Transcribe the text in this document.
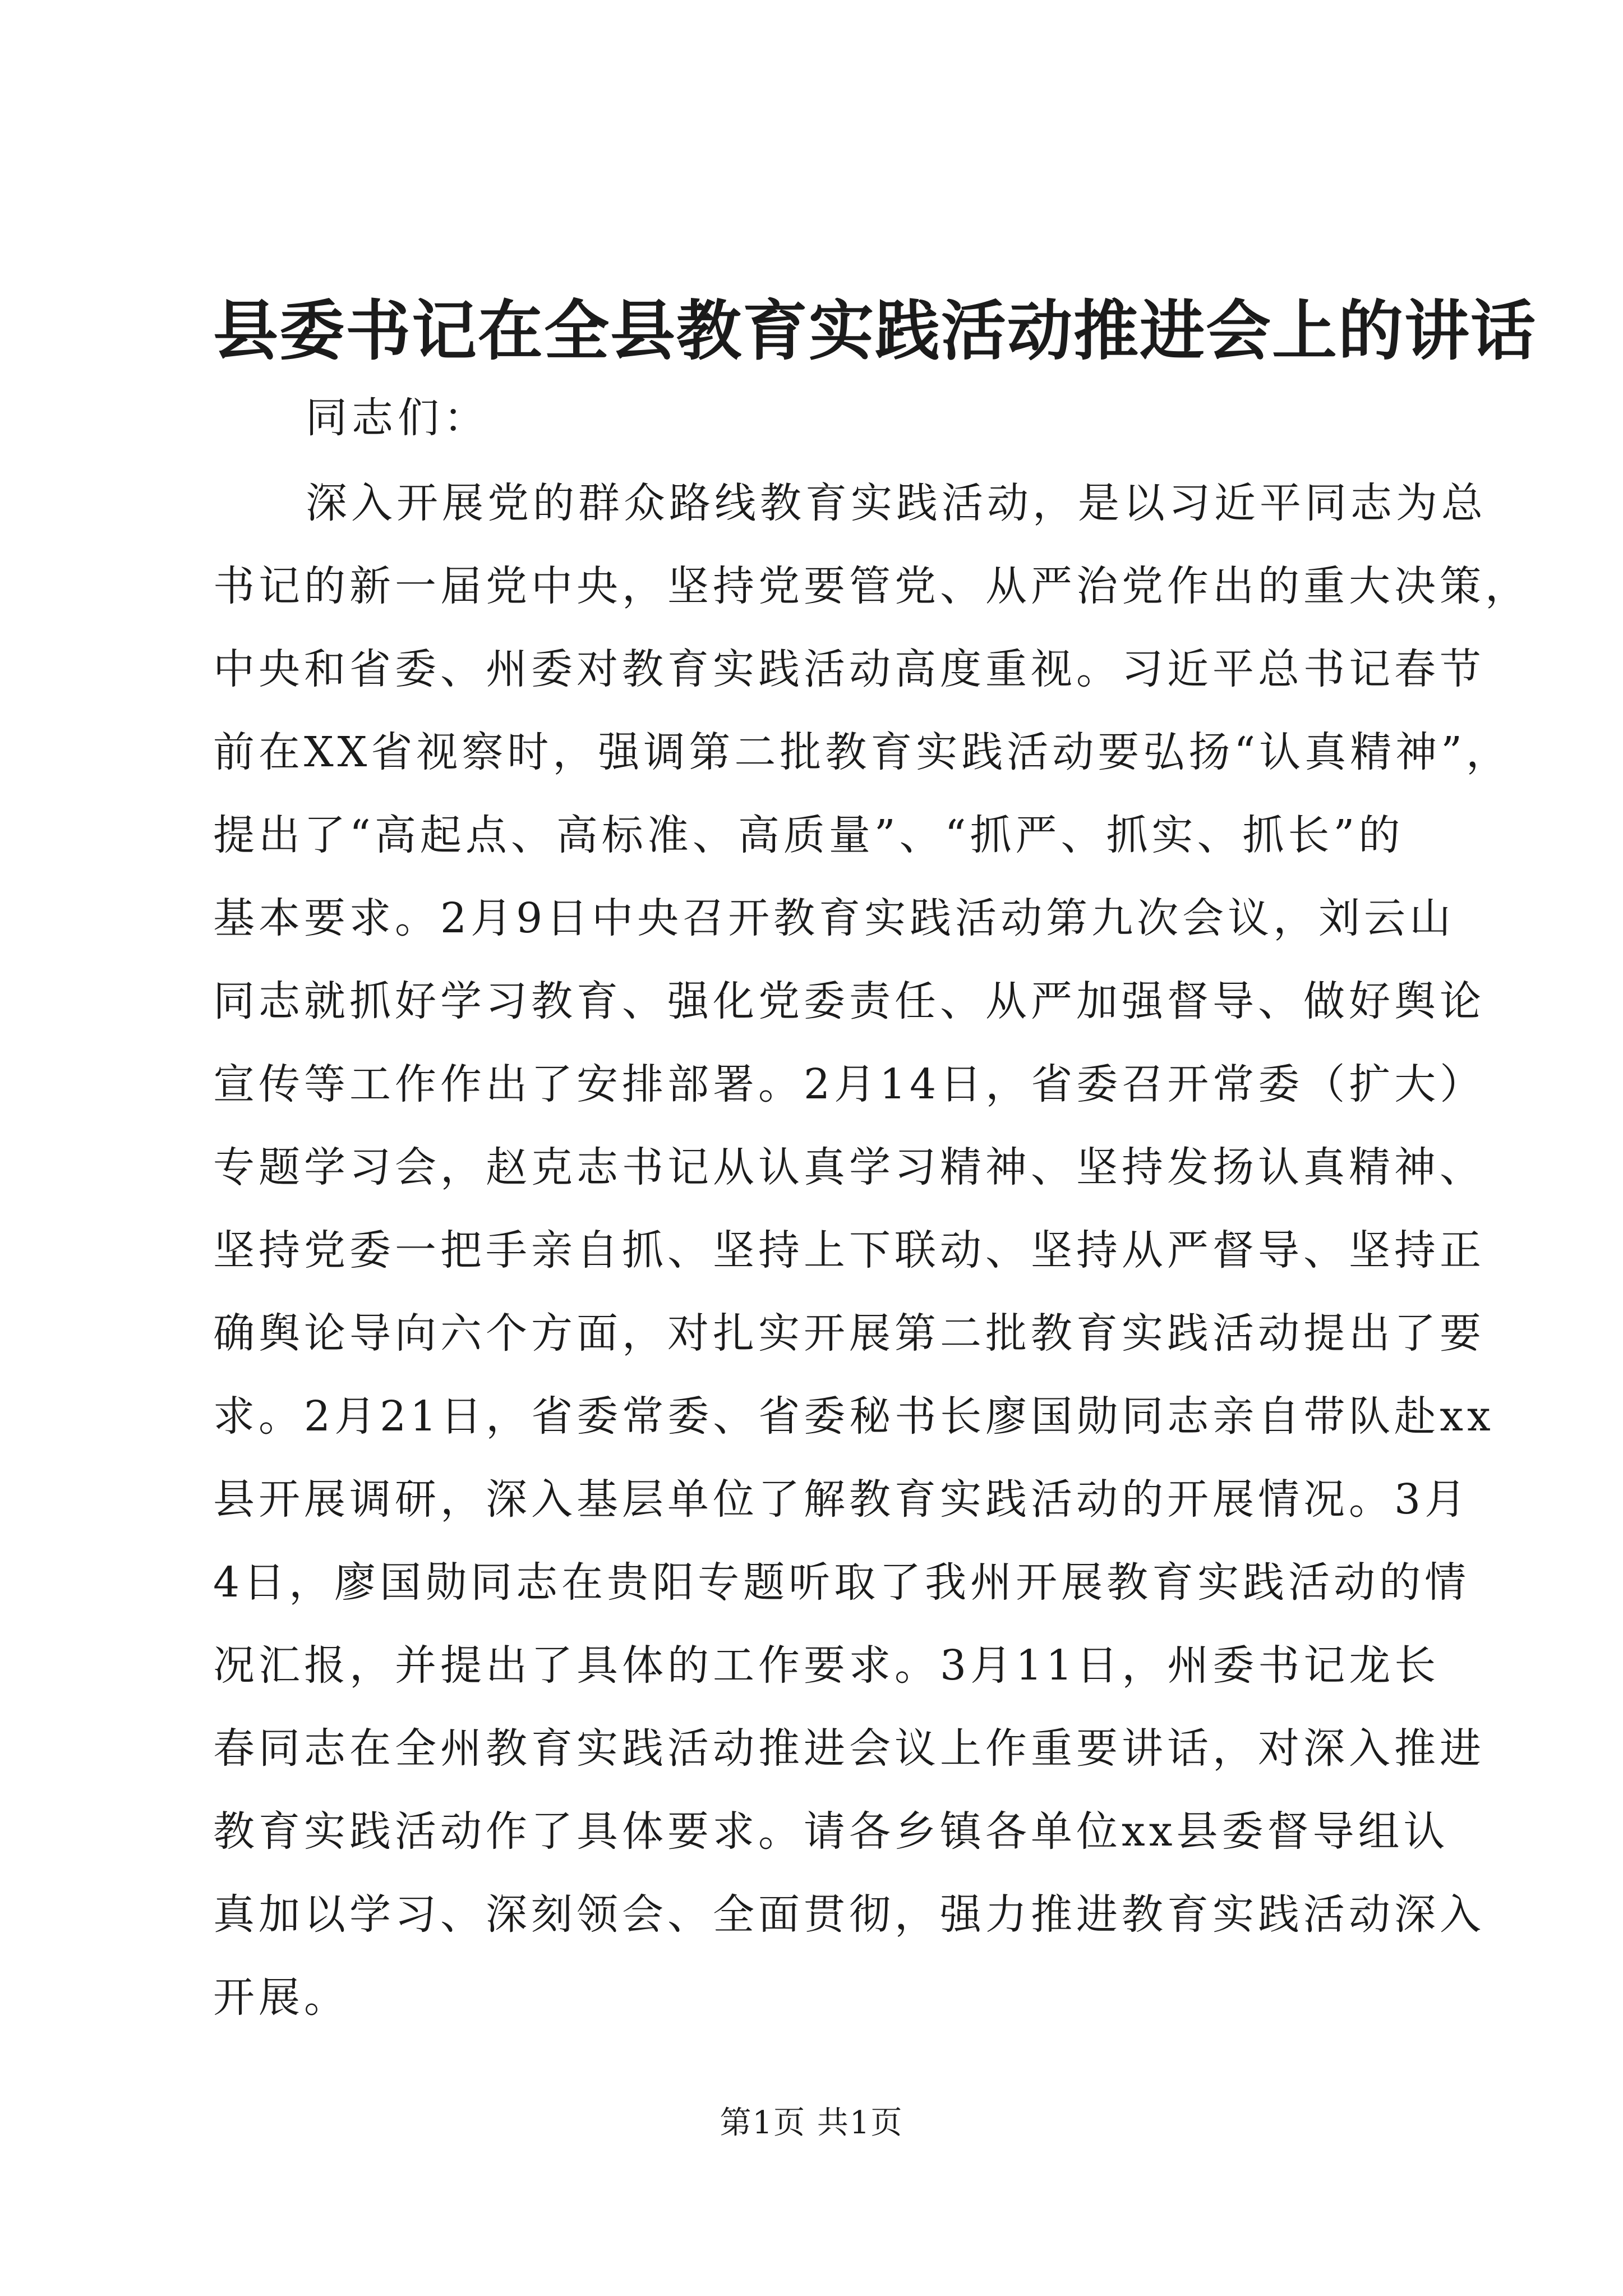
县委书记在全县教育实践活动推进会上的讲话

同志们：

深入开展党的群众路线教育实践活动，是以习近平同志为总

书记的新一届党中央，坚持党要管党、从严治党作出的重大决策，

中央和省委、州委对教育实践活动高度重视。习近平总书记春节

前在XX省视察时，强调第二批教育实践活动要弘扬“认真精神”，

提出了“高起点、高标准、高质量”、“抓严、抓实、抓长”的

基本要求。2月9日中央召开教育实践活动第九次会议，刘云山

同志就抓好学习教育、强化党委责任、从严加强督导、做好舆论

宣传等工作作出了安排部署。2月14日，省委召开常委（扩大）

专题学习会，赵克志书记从认真学习精神、坚持发扬认真精神、

坚持党委一把手亲自抓、坚持上下联动、坚持从严督导、坚持正

确舆论导向六个方面，对扎实开展第二批教育实践活动提出了要

求。2月21日，省委常委、省委秘书长廖国勋同志亲自带队赴xx

县开展调研，深入基层单位了解教育实践活动的开展情况。3月

4日，廖国勋同志在贵阳专题听取了我州开展教育实践活动的情

况汇报，并提出了具体的工作要求。3月11日，州委书记龙长

春同志在全州教育实践活动推进会议上作重要讲话，对深入推进

教育实践活动作了具体要求。请各乡镇各单位xx县委督导组认

真加以学习、深刻领会、全面贯彻，强力推进教育实践活动深入

开展。

第1页 共1页
